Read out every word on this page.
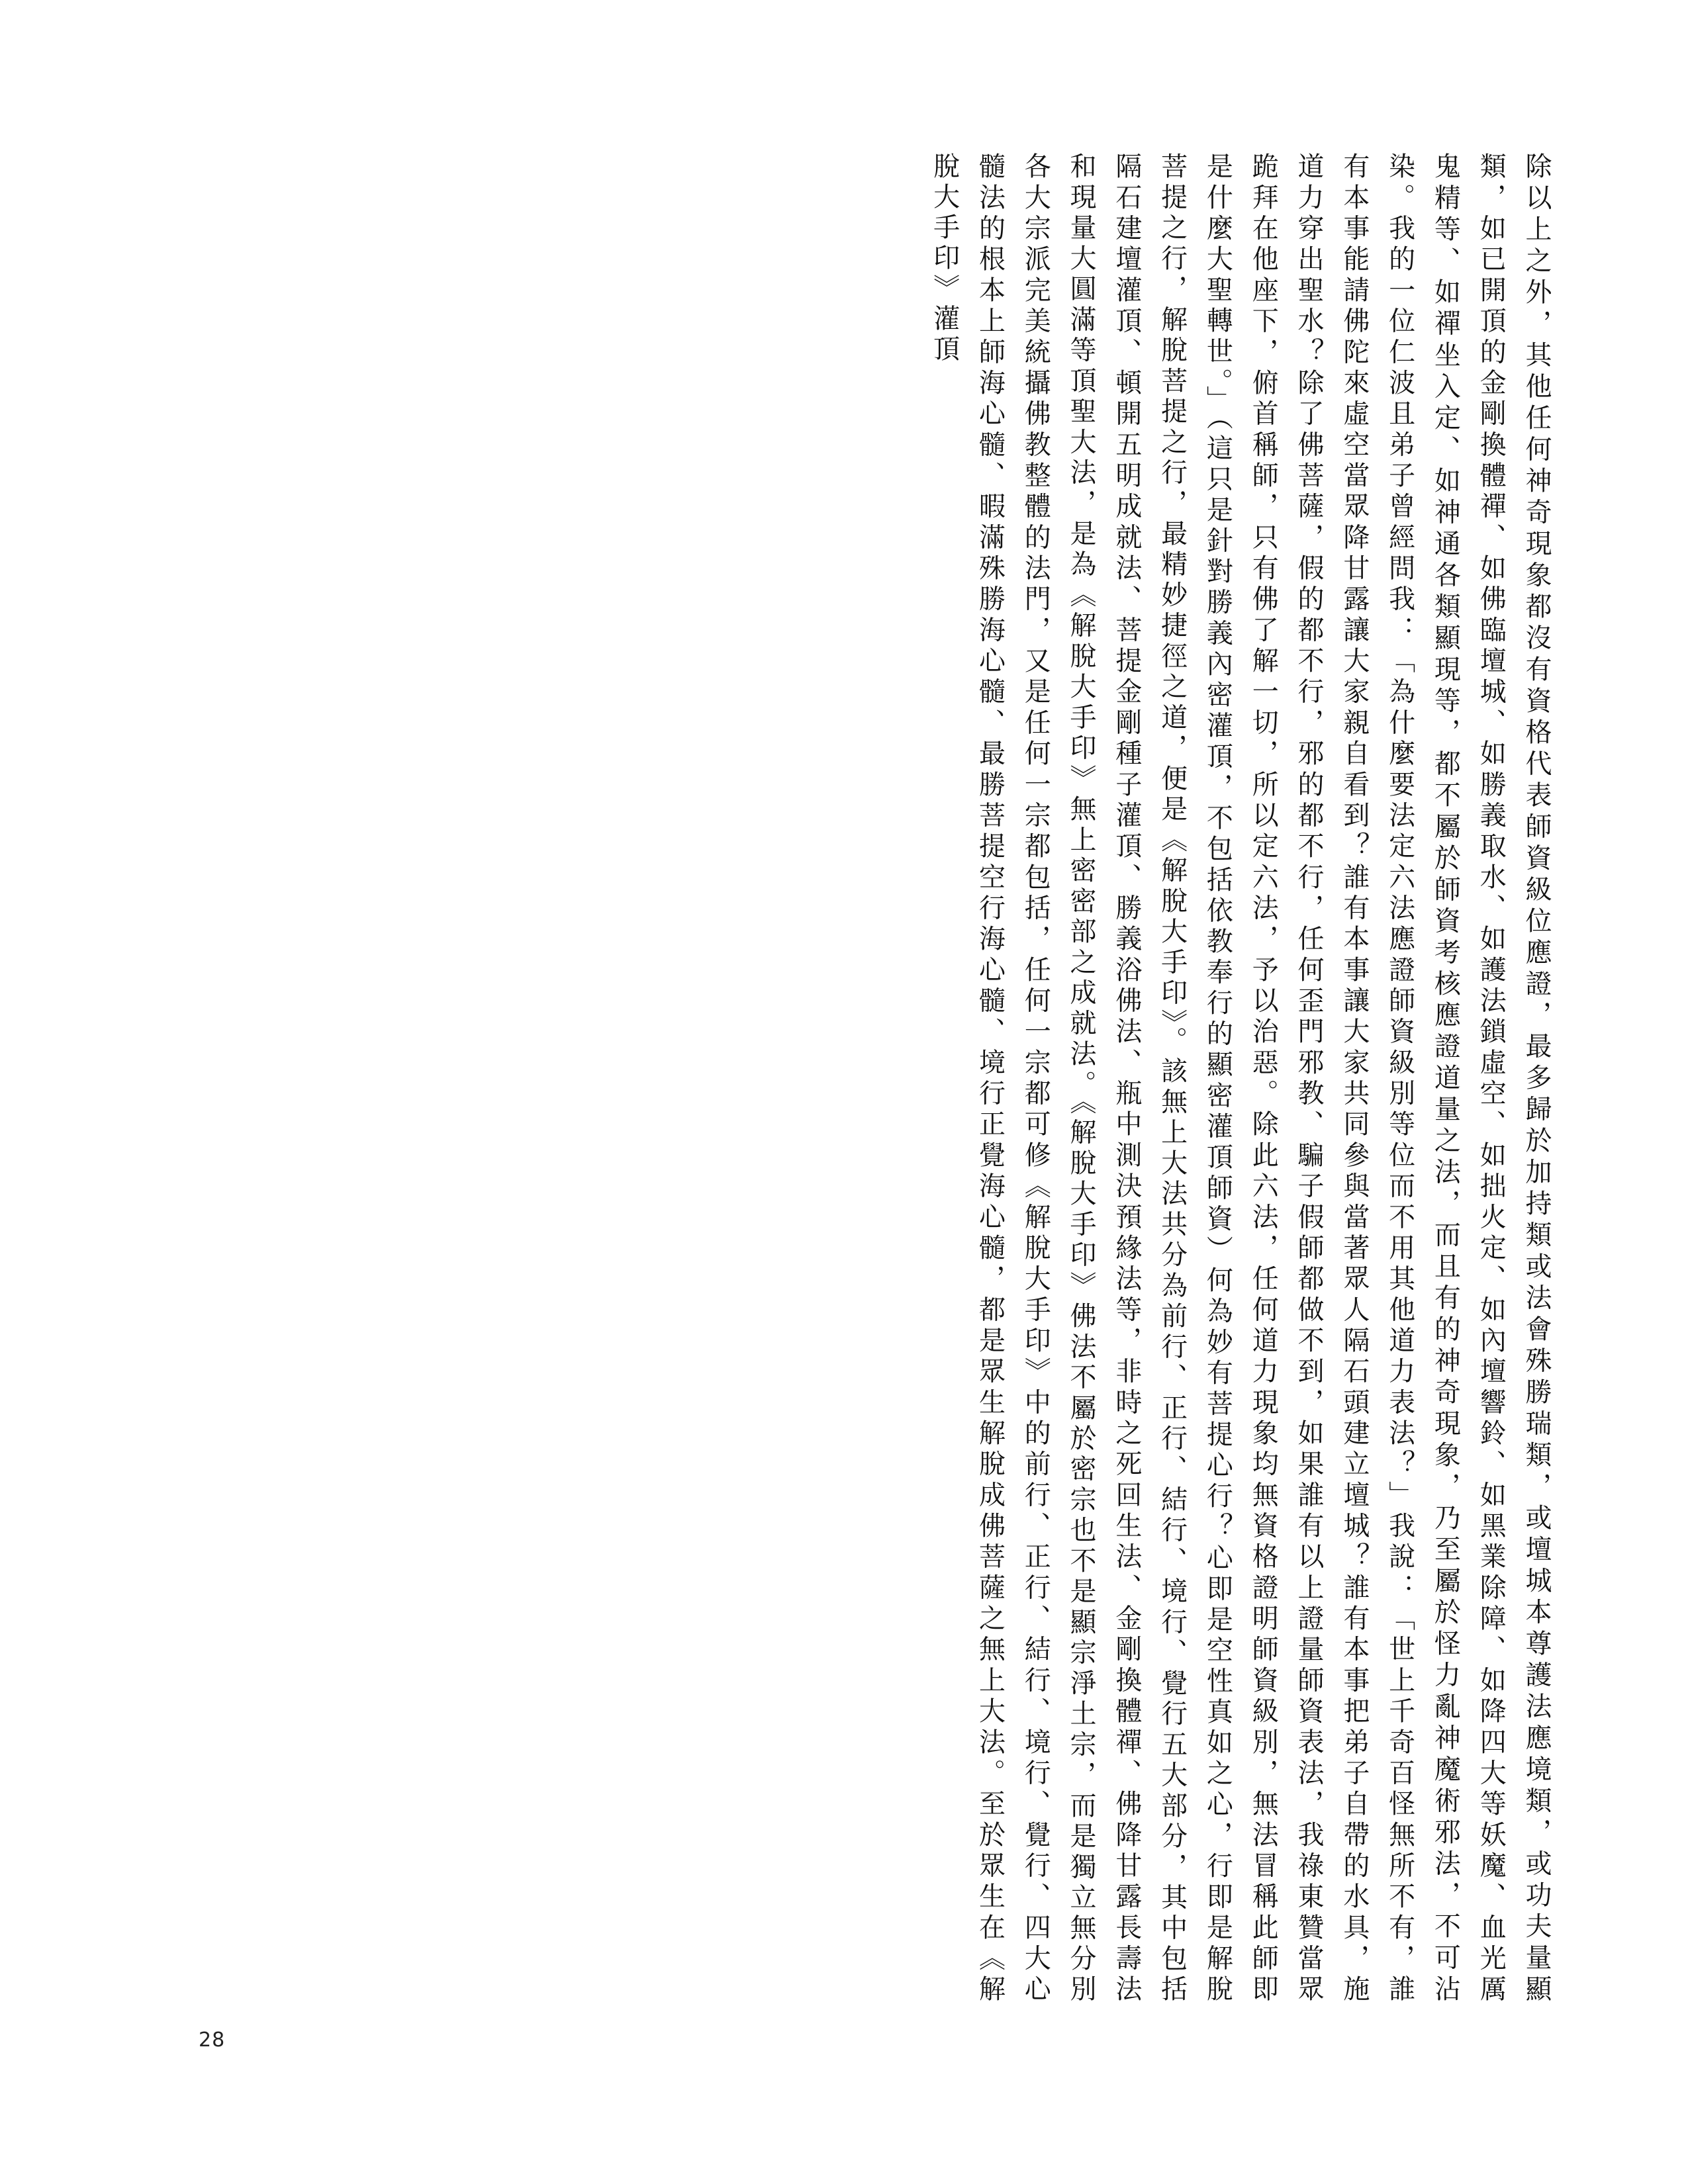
除以上之外，其他任何神奇現象都沒有資格代表師資級位應證，最多歸於加持類或法會殊勝瑞類，或壇城本尊護法應境類，或功夫量顯類，如已開頂的金剛換體禪、如佛臨壇城、如勝義取水、如護法鎖虛空、如拙火定、如內壇響鈴、如黑業除障、如降四大等妖魔、血光厲鬼精等、如禪坐入定、如神通各類顯現等，都不屬於師資考核應證道量之法，而且有的神奇現象，乃至屬於怪力亂神魔術邪法，不可沾染。我的一位仁波且弟子曾經問我：「為什麼要法定六法應證師資級別等位而不用其他道力表法？」我說：「世上千奇百怪無所不有，誰有本事能請佛陀來虛空當眾降甘露讓大家親自看到？誰有本事讓大家共同參與當著眾人隔石頭建立壇城？誰有本事把弟子自帶的水具，施道力穿出聖水？除了佛菩薩，假的都不行，邪的都不行，任何歪門邪教、騙子假師都做不到，如果誰有以上證量師資表法，我祿東贊當眾跪拜在他座下，俯首稱師，只有佛了解一切，所以定六法，予以治惡。除此六法，任何道力現象均無資格證明師資級別，無法冒稱此師即是什麼大聖轉世。」（這只是針對勝義內密灌頂，不包括依教奉行的顯密灌頂師資）何為妙有菩提心行？心即是空性真如之心，行即是解脫菩提之行，解脫菩提之行，最精妙捷徑之道，便是《解脫大手印》。該無上大法共分為前行、正行、結行、境行、覺行五大部分，其中包括隔石建壇灌頂、頓開五明成就法、菩提金剛種子灌頂、勝義浴佛法、瓶中測決預緣法等，非時之死回生法、金剛換體禪、佛降甘露長壽法和現量大圓滿等頂聖大法，是為《解脫大手印》無上密密部之成就法。《解脫大手印》佛法不屬於密宗也不是顯宗淨土宗，而是獨立無分別各大宗派完美統攝佛教整體的法門，又是任何一宗都包括，任何一宗都可修《解脫大手印》中的前行、正行、結行、境行、覺行、四大心髓法的根本上師海心髓、暇滿殊勝海心髓、最勝菩提空行海心髓、境行正覺海心髓，都是眾生解脫成佛菩薩之無上大法。至於眾生在《解脫大手印》灌頂

28
